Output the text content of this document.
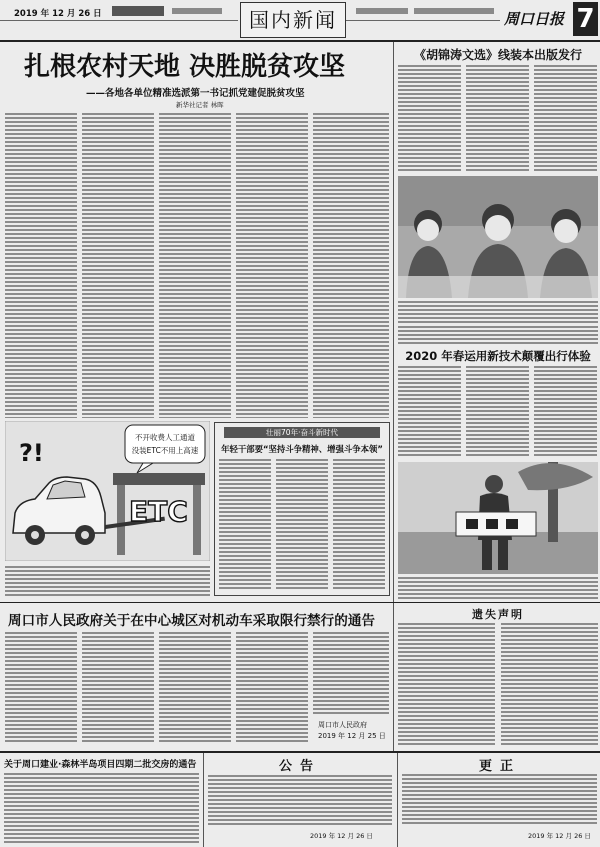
2019 年 12 月 26 日	国内新闻	周口日报 7
扎根农村天地 决胜脱贫攻坚
——各地各单位精准选派第一书记抓党建促脱贫攻坚
新华社记者 林晖
?!
ETC
不开收费人工通道
没装ETC不用上高速
壮丽70年·奋斗新时代
年轻干部要“坚持斗争精神、增强斗争本领”
《胡锦涛文选》线装本出版发行
2020 年春运用新技术颠覆出行体验
周口市人民政府关于在中心城区对机动车采取限行禁行的通告
周口市人民政府
2019 年 12 月 25 日
遗失声明
关于周口建业·森林半岛项目四期二批交房的通告	公告
2019 年 12 月 26 日
更正
2019 年 12 月 26 日
